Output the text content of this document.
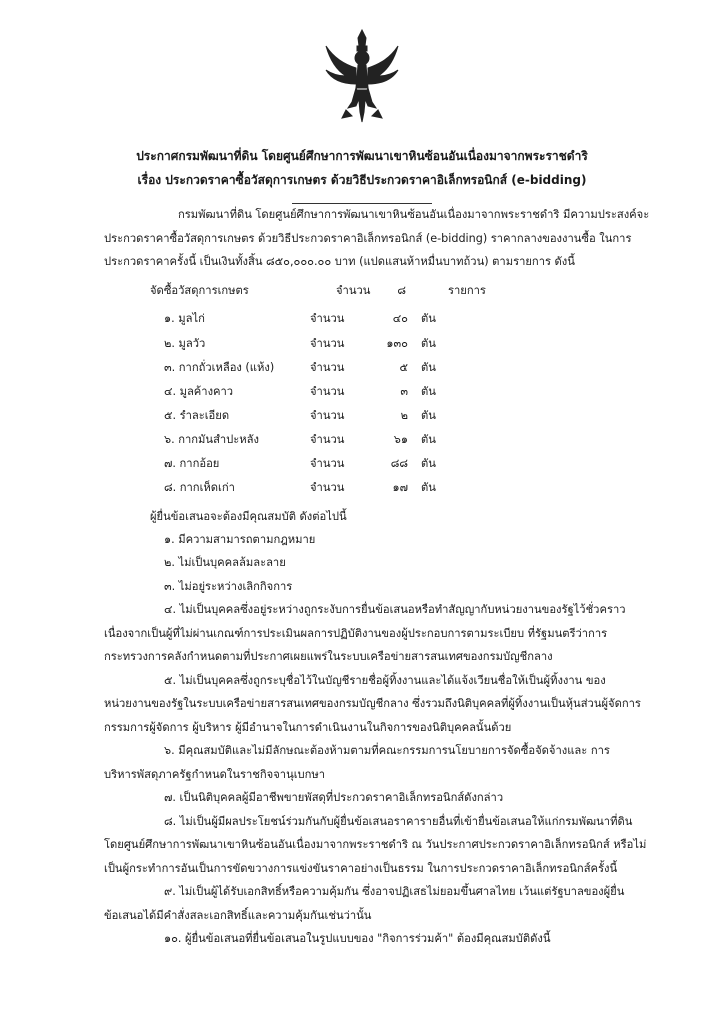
ประกาศกรมพัฒนาที่ดิน โดยศูนย์ศึกษาการพัฒนาเขาหินซ้อนอันเนื่องมาจากพระราชดำริ
เรื่อง ประกวดราคาซื้อวัสดุการเกษตร ด้วยวิธีประกวดราคาอิเล็กทรอนิกส์ (e-bidding)
กรมพัฒนาที่ดิน โดยศูนย์ศึกษาการพัฒนาเขาหินซ้อนอันเนื่องมาจากพระราชดำริ มีความประสงค์จะ
ประกวดราคาซื้อวัสดุการเกษตร ด้วยวิธีประกวดราคาอิเล็กทรอนิกส์ (e-bidding) ราคากลางของงานซื้อ ในการ
ประกวดราคาครั้งนี้ เป็นเงินทั้งสิ้น ๘๕๐,๐๐๐.๐๐ บาท (แปดแสนห้าหมื่นบาทถ้วน) ตามรายการ ดังนี้
จัดซื้อวัสดุการเกษตร	จำนวน	๘	รายการ
๑. มูลไก่	จำนวน	๔๐ ตัน
๒. มูลวัว	จำนวน	๑๓๐ ตัน
๓. กากถั่วเหลือง (แห้ง)	จำนวน	๕ ตัน
๔. มูลค้างคาว	จำนวน	๓ ตัน
๕. รำละเอียด	จำนวน	๒ ตัน
๖. กากมันสำปะหลัง	จำนวน	๖๑ ตัน
๗. กากอ้อย	จำนวน	๘๘ ตัน
๘. กากเห็ดเก่า	จำนวน	๑๗ ตัน
ผู้ยื่นข้อเสนอจะต้องมีคุณสมบัติ ดังต่อไปนี้
๑. มีความสามารถตามกฎหมาย
๒. ไม่เป็นบุคคลล้มละลาย
๓. ไม่อยู่ระหว่างเลิกกิจการ
๔. ไม่เป็นบุคคลซึ่งอยู่ระหว่างถูกระงับการยื่นข้อเสนอหรือทำสัญญากับหน่วยงานของรัฐไว้ชั่วคราว
เนื่องจากเป็นผู้ที่ไม่ผ่านเกณฑ์การประเมินผลการปฏิบัติงานของผู้ประกอบการตามระเบียบ ที่รัฐมนตรีว่าการ
กระทรวงการคลังกำหนดตามที่ประกาศเผยแพร่ในระบบเครือข่ายสารสนเทศของกรมบัญชีกลาง
๕. ไม่เป็นบุคคลซึ่งถูกระบุชื่อไว้ในบัญชีรายชื่อผู้ทิ้งงานและได้แจ้งเวียนชื่อให้เป็นผู้ทิ้งงาน ของ
หน่วยงานของรัฐในระบบเครือข่ายสารสนเทศของกรมบัญชีกลาง ซึ่งรวมถึงนิติบุคคลที่ผู้ทิ้งงานเป็นหุ้นส่วนผู้จัดการ
กรรมการผู้จัดการ ผู้บริหาร ผู้มีอำนาจในการดำเนินงานในกิจการของนิติบุคคลนั้นด้วย
๖. มีคุณสมบัติและไม่มีลักษณะต้องห้ามตามที่คณะกรรมการนโยบายการจัดซื้อจัดจ้างและ การ
บริหารพัสดุภาครัฐกำหนดในราชกิจจานุเบกษา
๗. เป็นนิติบุคคลผู้มีอาชีพขายพัสดุที่ประกวดราคาอิเล็กทรอนิกส์ดังกล่าว
๘. ไม่เป็นผู้มีผลประโยชน์ร่วมกันกับผู้ยื่นข้อเสนอราคารายอื่นที่เข้ายื่นข้อเสนอให้แก่กรมพัฒนาที่ดิน
โดยศูนย์ศึกษาการพัฒนาเขาหินซ้อนอันเนื่องมาจากพระราชดำริ ณ วันประกาศประกวดราคาอิเล็กทรอนิกส์ หรือไม่
เป็นผู้กระทำการอันเป็นการขัดขวางการแข่งขันราคาอย่างเป็นธรรม ในการประกวดราคาอิเล็กทรอนิกส์ครั้งนี้
๙. ไม่เป็นผู้ได้รับเอกสิทธิ์หรือความคุ้มกัน ซึ่งอาจปฏิเสธไม่ยอมขึ้นศาลไทย เว้นแต่รัฐบาลของผู้ยื่น
ข้อเสนอได้มีคำสั่งสละเอกสิทธิ์และความคุ้มกันเช่นว่านั้น
๑๐. ผู้ยื่นข้อเสนอที่ยื่นข้อเสนอในรูปแบบของ "กิจการร่วมค้า" ต้องมีคุณสมบัติดังนี้
